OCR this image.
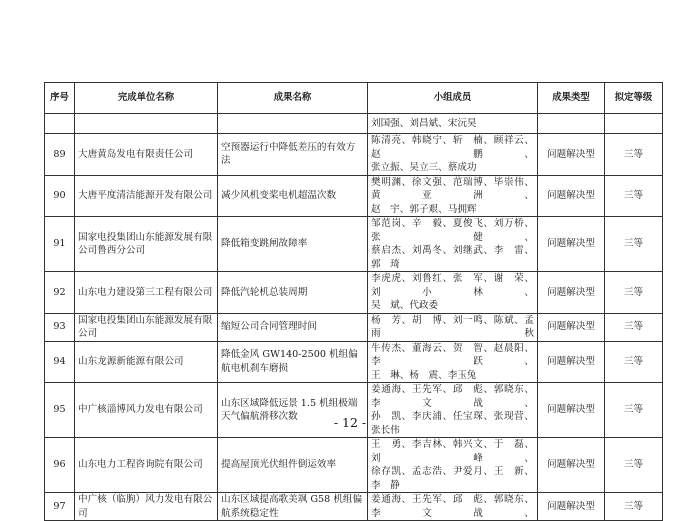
序号	完成单位名称	成果名称	小组成员	成果类型	拟定等级

			刘国强、刘昌斌、宋沅昊		

89	大唐黄岛发电有限责任公司	空预器运行中降低差压的有效方法	陈清亮、韩晓宁、斩　楠、顾祥云、赵　鹏、
张立振、吴立三、蔡成功	问题解决型	三等
90	大唐平度清洁能源开发有限公司	减少风机变桨电机超温次数	樊明渊、徐文强、范瑞博、毕崇伟、黄亚洲、
赵　宇、郭子艰、马拥辉	问题解决型	三等
91	国家电投集团山东能源发展有限公司鲁西分公司	降低箱变跳闸故障率	邹范岗、辛　毅、夏俊飞、刘万桥、张　健、
蔡启杰、刘禹冬、刘继武、李　雷、郭　琦	问题解决型	三等
92	山东电力建设第三工程有限公司	降低汽轮机总装周期	李虎虎、刘鲁红、张　军、谢　荣、刘小林、
吴　斌、代政委	问题解决型	三等
93	国家电投集团山东能源发展有限公司	缩短公司合同管理时间	杨　芳、胡　博、刘一鸣、陈斌、孟雨秋	问题解决型	三等
94	山东龙源新能源有限公司	降低金风 GW140-2500 机组偏航电机刹车磨损	牛传杰、董海云、贺　智、赵晨阳、李　跃、
王　琳、杨　震、李玉兔	问题解决型	三等
95	中广核淄博风力发电有限公司	山东区域降低远景 1.5 机组极端天气偏航滑移次数	姜通海、王先军、邱　彪、郭晓东、李文战、
孙　凯、李庆浦、任宝琛、张现营、张长伟	问题解决型	三等
96	山东电力工程咨询院有限公司	提高屋顶光伏组件倒运效率	王　勇、李吉林、韩兴文、于　磊、刘　峰、
徐存凯、孟志浩、尹爱月、王　新、李　静	问题解决型	三等
97	中广核（临朐）风力发电有限公司	山东区域提高歌美飒 G58 机组偏航系统稳定性	姜通海、王先军、邱　彪、郭晓东、李文战、	问题解决型	三等
- 12 -
